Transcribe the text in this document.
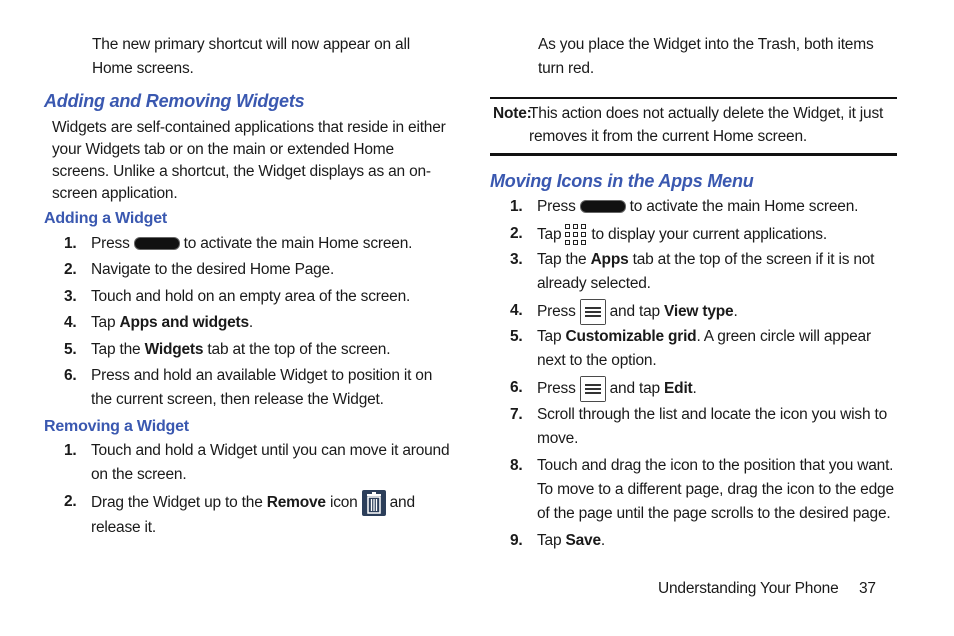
The new primary shortcut will now appear on all Home screens.
Adding and Removing Widgets
Widgets are self-contained applications that reside in either your Widgets tab or on the main or extended Home screens. Unlike a shortcut, the Widget displays as an on-screen application.
Adding a Widget
1. Press	to activate the main Home screen.
2. Navigate to the desired Home Page.
3. Touch and hold on an empty area of the screen.
4. Tap Apps and widgets.
5. Tap the Widgets tab at the top of the screen.
6. Press and hold an available Widget to position it on the current screen, then release the Widget.
Removing a Widget
1. Touch and hold a Widget until you can move it around on the screen.
2. Drag the Widget up to the Remove icon and release it.
As you place the Widget into the Trash, both items turn red.
Note:
This action does not actually delete the Widget, it just removes it from the current Home screen.
Moving Icons in the Apps Menu
1. Press	to activate the main Home screen.
2. Tap to display your current applications.
3. Tap the Apps tab at the top of the screen if it is not already selected.
4. Press and tap View type.
5. Tap Customizable grid. A green circle will appear next to the option.
6. Press and tap Edit.
7. Scroll through the list and locate the icon you wish to move.
8. Touch and drag the icon to the position that you want. To move to a different page, drag the icon to the edge of the page until the page scrolls to the desired page.
9. Tap Save.
Understanding Your Phone 37
